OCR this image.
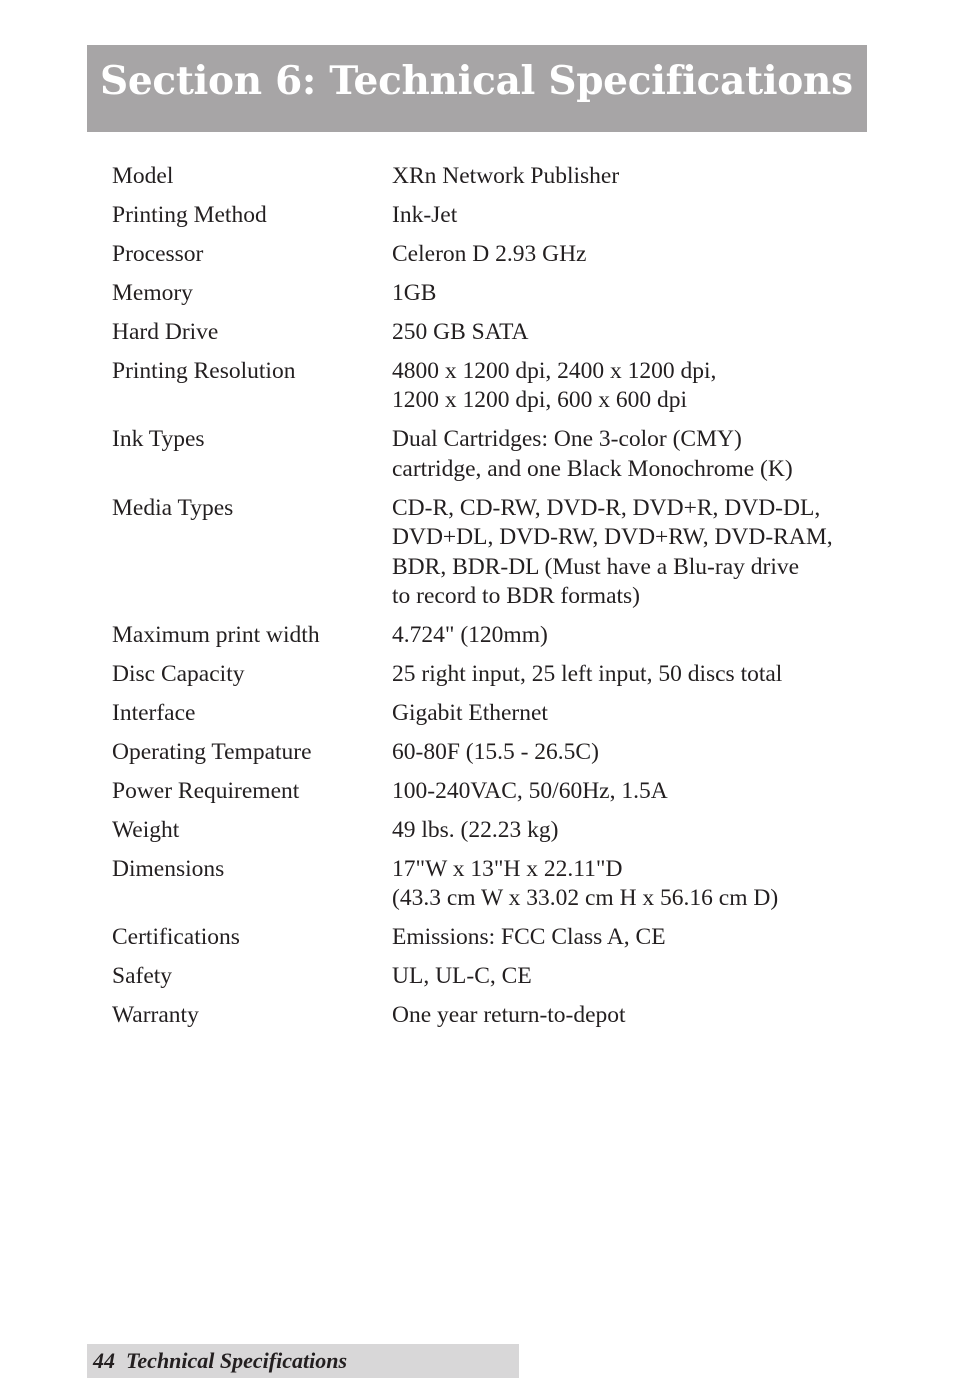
Section 6: Technical Specifications
Model	XRn Network Publisher
Printing Method	Ink-Jet
Processor	Celeron D 2.93 GHz
Memory	1GB
Hard Drive	250 GB SATA
Printing Resolution	4800 x 1200 dpi, 2400 x 1200 dpi,
1200 x 1200 dpi, 600 x 600 dpi
Ink Types	Dual Cartridges: One 3-color (CMY)
cartridge, and one Black Monochrome (K)
Media Types	CD-R, CD-RW, DVD-R, DVD+R, DVD-DL,
DVD+DL, DVD-RW, DVD+RW, DVD-RAM,
BDR, BDR-DL (Must have a Blu-ray drive
to record to BDR formats)
Maximum print width	4.724" (120mm)
Disc Capacity	25 right input, 25 left input, 50 discs total
Interface	Gigabit Ethernet
Operating Tempature	60-80F (15.5 - 26.5C)
Power Requirement	100-240VAC, 50/60Hz, 1.5A
Weight	49 lbs. (22.23 kg)
Dimensions	17"W x 13"H x 22.11"D
(43.3 cm W x 33.02 cm H x 56.16 cm D)
Certifications	Emissions: FCC Class A, CE
Safety	UL, UL-C, CE
Warranty	One year return-to-depot
44 Technical Specifications
